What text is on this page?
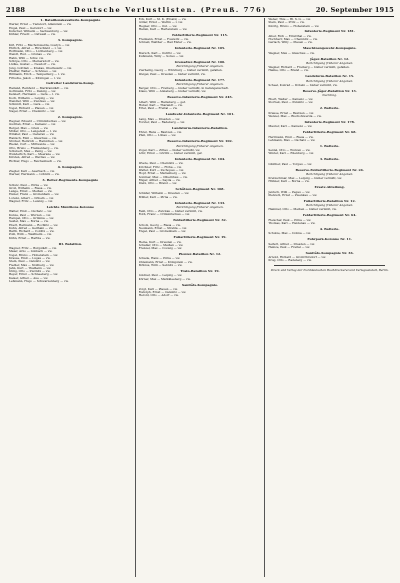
2188	Deutsche Verlustlisten. (Preuß. 776)	20. September 1915
1. Bataillonskavallerie-Kompagnie
Werler, Ernst — Tiefenort, Allenstein — vw.
Engel, Paul — Gersdorf — vw.
Kutscher, Wilhelm — Sachsenburg — vw.
Kühler, Friedr. — Ostwald — vw.
3. Kompagnie.
Kirl, Fritz — Bischofswerda, Gostyn — vw.
Ehrlich, Alfred — Hirschfeld — l. vw.
Hoffmann, Otto — Lichtenberg — vw.
Wendt, Rud. — Grunau — vw.
Hahn, Willi — Schw. vw.
Schöpe, Otto — Meinersdorf — vw.
Lüdke, Gustav — Neudorf — vw.
Jung, Gottlieb — Krakau, Oberlausitz — vw.
Pfeiffer, Walter — Schönau — vw.
Billmann, Erich — Tempelburg — l. vw.
Fritsche, Jakob — Kitzingen — l. vw.
Gefreiter Landsturm-Komp.
Heiland, Reinhold — Markranstädt — vw.
Gottmann, Fritz — Danzig — vw.
Kennert, Hermann — Gera — l. vw.
Koch, Wilhelm — Leipzig — vw.
Wendler, Willi — Zwickau — vw.
Schmidt, Karl — Gera — vw.
Vogel, Richard — Plauen — vw.
Nagel, Ernst — Chemnitz — vw.
2. Kompagnie.
Hegner, Eduard — Crimmitschau — vw.
Gudrian, Ernst — Kamenz — vw.
Berger, Max — Greiz — vw.
Möller, Otto — Lengefeld — l. vw.
Winkler, Paul — Oederan — vw.
Hanisch, Emil — Glauchau — vw.
Stöcker, Heinrich — Hainichen — vw.
Riedel, Curt — Mittweida — vw.
Otto, Bruno — Frankenberg — vw.
Schubert, Max — Penig — vw.
Wunderlich, Karl — Meerane — vw.
Kirsten, Alfred — Werdau — vw.
Richter, Hugo — Reichenbach — vw.
4. Kompagnie.
Ziegler, Karl — Auerbach — vw.
Werner, Hermann — Lößnitz — vw.
3. Reiter-Regiments-Kompagnie
Schulz, Paul — Pirna — vw.
Groß, Wilhelm — Riesa — vw.
Lange, Ernst — Meißen — vw.
Eisner, Franz — Großenhain — vw.
Lorenz, Albert — Döbeln — vw.
Wagner, Fritz — Leisnig — vw.
Leichte Munitions-Kolonne
Walter, Emil — Oschatz — vw.
Kunze, Paul — Wurzen — vw.
Hempel, Otto — Grimma — vw.
Seidel, Max — Borna — vw.
Ebert, Hermann — Rochlitz — vw.
Kuhn, Alfred — Geithain — vw.
Barth, Richard — Colditz — vw.
Pohl, Willi — Waldheim — vw.
Kühn, Ernst — Hartha — vw.
III. Bataillon.
Wagner, Fritz — Burgstädt — vw.
Maier, Arno — Limbach — vw.
Vogel, Bruno — Hohenstein — vw.
Krause, Emil — Lugau — vw.
Stein, Paul — Oelsnitz — vw.
Fiedler, Max — Stollberg — vw.
Jahn, Kurt — Thalheim — vw.
Uhlig, Otto — Zwönitz — vw.
Beyer, Ernst — Schneeberg — vw.
Kaiser, Alfred — Aue — vw.
Lehmann, Hugo — Schwarzenberg — vw.
Eck, Kurt — St. K. (Ersatz) — vw.
Göller, Ernst — Wettin — l. vw.
Hegner, Otto — Ost. — vw.
Hamm, Karl — Hartenstein — vw.
Feldartillerie-Regiment Nr. 115.
Freimann, Ernst — Fosswitz — vw.
Schnell, Walther — Bad Elster — vw.
Infanterie-Regiment Nr. 105.
Mersch, Karl — Ostritz — vw.
Kuhmann, Willy — Sorau — vw.
Grenadier-Regiment Nr. 100.
Berichtigung früherer Angaben.
Vierheilig, Georg — Würzburg — bisher vermißt, gefallen.
Weigel, Paul — Dresden — bisher vermißt, vw.
Infanterie-Regiment Nr. 177.
Berichtigung früherer Angaben.
Berger, Otto — Freiberg — bisher vermißt, in Gefangenschaft.
Klaus, Willi — Annaberg — bisher vermißt, vw.
Reserve-Infanterie-Regiment Nr. 245.
Albert, Willi — Hainsberg — gef.
Huber, Karl — Tharandt — vw.
Ertel, Paul — Freital — vw.
Landwehr-Infanterie-Regiment Nr. 101.
Lang, Max — Dresden — vw.
Forster, Paul — Radeberg — vw.
Landsturm-Infanterie-Bataillon.
Ehret, Hans — Bautzen — vw.
Pfeil, Otto — Löbau — vw.
Reserve-Infanterie-Regiment Nr. 102.
Berichtigung früherer Angaben.
Vogel, Karl — Zittau — bisher vermißt, vw.
Löhr, Ernst — Görlitz — bisher vermißt, gef.
Infanterie-Regiment Nr. 104.
Wiede, Paul — Chemnitz — vw.
Kirchner, Fritz — Flöha — vw.
Walter, Kurt — Zschopau — vw.
Hopf, Ernst — Marienberg — vw.
Sommer, Max — Olbernhau — vw.
Rüger, Alfred — Sayda — vw.
Dietz, Otto — Brand — vw.
Schützen-Regiment Nr. 108.
Schäfer, Wilhelm — Dresden — vw.
Müller, Karl — Pirna — vw.
Infanterie-Regiment Nr. 133.
Berichtigung früherer Angaben.
Reiß, Otto — Zwickau — bisher vermißt, vw.
Roth, Franz — Crimmitschau — vw.
Feldartillerie-Regiment Nr. 32.
Scholz, Georg — Riesa — vw.
Neumann, Ernst — Strehla — vw.
Engel, Paul — Großenhain — vw.
Fußartillerie-Regiment Nr. 19.
Heine, Kurt — Dresden — vw.
Schaller, Otto — Meißen — vw.
Frenzel, Max — Coswig — vw.
Pionier-Bataillon Nr. 12.
Schade, Hans — Pirna — vw.
Uhlemann, Ernst — Königstein — vw.
Möbius, Willi — Sebnitz — vw.
Train-Bataillon Nr. 19.
Lindner, Paul — Leipzig — vw.
Körner, Max — Markkleeberg — vw.
Sanitäts-Kompagnie.
Voigt, Karl — Plauen — vw.
Rudolph, Ernst — Oelsnitz — vw.
Herold, Otto — Adorf — vw.
Weber, Thie — Bl. S. G. — vw.
Stein, Paul — Pritz — vw.
Knörig, Bruno — Hohenstein — vw.
Infanterie-Regiment Nr. 181.
Alber, Rich — Ernstthal — vw.
Hochherr, Max — Chemnitz — vw.
Gerlach, Willy — Plauen — vw.
Maschinengewehr-Kompagnie.
Wagner, Max — Glauchau — vw.
Jäger-Bataillon Nr. 12.
Berichtigung früherer Angaben.
Wagner, Richard — Freiberg — bisher vermißt, gefallen.
Hanke, Otto — Brand — vw.
Landsturm-Bataillon Nr. 15.
Berichtigung früherer Angaben.
Scheel, Konrad — Döbeln — bisher vermißt, vw.
Reserve-Jäger-Bataillon Nr. 13.
Nachtrag.
Ebert, Walter — Kamenz — vw.
Storbek, Paul — Pulsnitz — vw.
2. Batterie.
Krause, Ernst — Bautzen — vw.
Wenzel, Max — Bischofswerda — vw.
Infanterie-Regiment Nr. 178.
Maurer, Karl — Kamenz — vw.
Feldartillerie-Regiment Nr. 68.
Herrmann, Emil — Riesa — vw.
Lehmann, Max — Oschatz — vw.
1. Batterie.
Seidel, Otto — Wurzen — vw.
Winter, Karl — Eilenburg — vw.
3. Batterie.
Günther, Paul — Torgau — vw.
Reserve-Feldartillerie-Regiment Nr. 24.
Berichtigung früherer Angaben.
Kretzschmar, Max — Leipzig — bisher vermißt, vw.
Hübner, Karl — Borna — vw.
Ersatz-Abteilung.
Jentsch, Willi — Pegau — vw.
Pietzsch, Ernst — Zwenkau — vw.
Fußartillerie-Bataillon Nr. 12.
Berichtigung früherer Angaben.
Hammer, Otto — Meißen — bisher vermißt, vw.
Feldartillerie-Regiment Nr. 64.
Fleischer, Paul — Pirna — vw.
Thomas, Karl — Heidenau — vw.
4. Batterie.
Schulze, Max — Dohna — vw.
Fuhrpark-Kolonne Nr. 11.
Seifert, Alfred — Dresden — vw.
Heinze, Paul — Freital — vw.
Sanitäts-Kompagnie Nr. 36.
Arnold, Richard — Großröhrsdorf — vw.
Krug, Otto — Radeberg — vw.
Druck und Verlag der Norddeutschen Buchdruckerei und Verlagsanstalt, Berlin.
